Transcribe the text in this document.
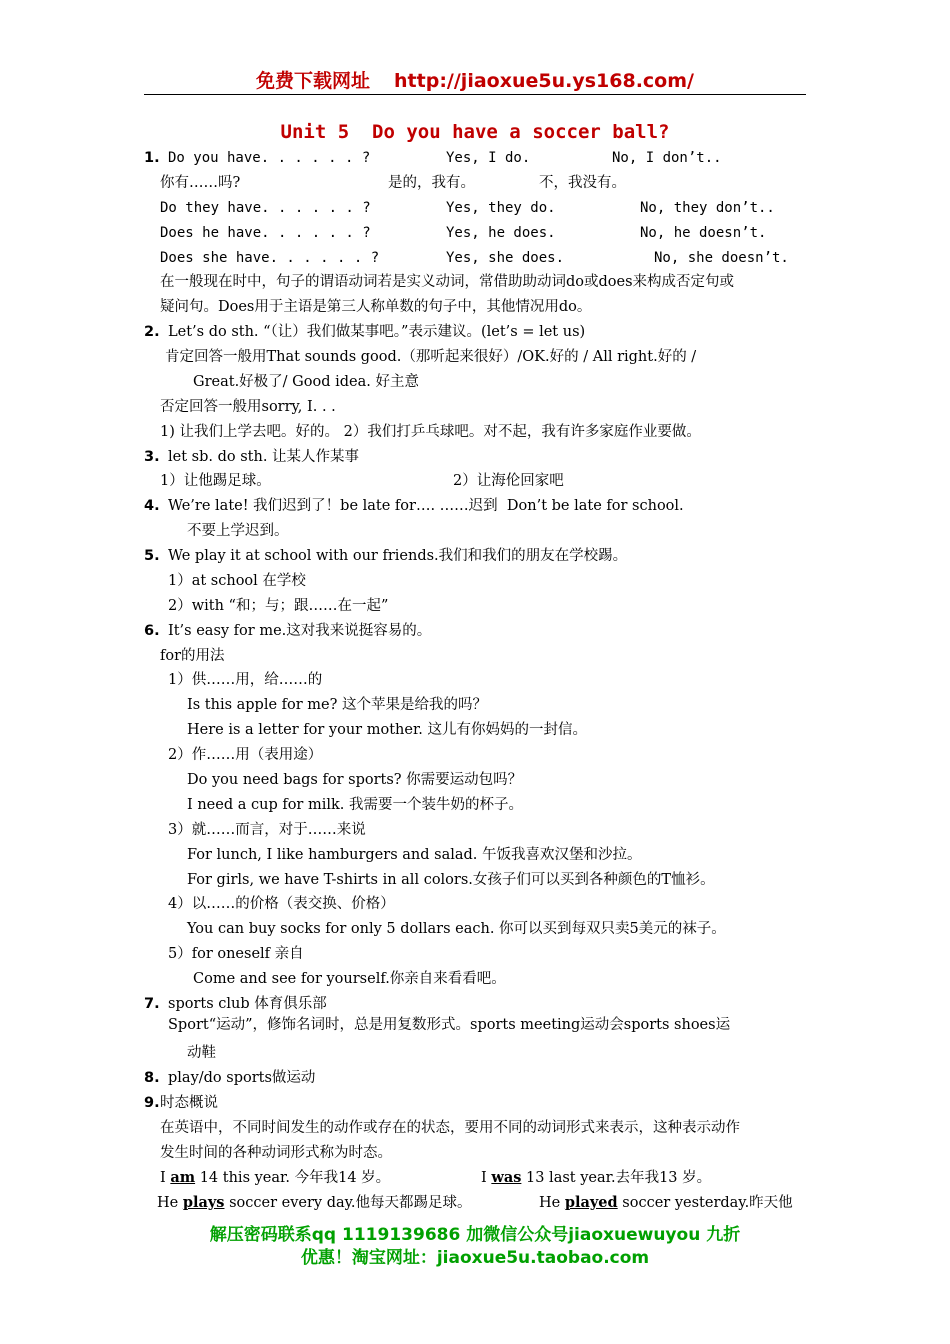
免费下载网址 http://jiaoxue5u.ys168.com/
Unit 5  Do you have a soccer ball?
1. Do you have. . . . . . ?	Yes, I do.	No, I don’t..
你有……吗?	是的，我有。	不，我没有。
Do they have. . . . . . ?	Yes, they do.	No, they don’t..
Does he have. . . . . . ?	Yes, he does.	No, he doesn’t.
Does she have. . . . . . ?	Yes, she does.	No, she doesn’t.
在一般现在时中，句子的谓语动词若是实义动词，常借助助动词do或does来构成否定句或
疑问句。Does用于主语是第三人称单数的句子中，其他情况用do。
2. Let’s do sth. “（让）我们做某事吧。”表示建议。(let’s = let us)
肯定回答一般用That sounds good.（那听起来很好）/OK.好的 / All right.好的 /
Great.好极了/ Good idea. 好主意
否定回答一般用sorry, I. . .
1) 让我们上学去吧。好的。 2）我们打乒乓球吧。对不起，我有许多家庭作业要做。
3. let sb. do sth. 让某人作某事
1）让他踢足球。	2）让海伦回家吧
4. We’re late! 我们迟到了！be late for…. ……迟到  Don’t be late for school.
不要上学迟到。
5. We play it at school with our friends.我们和我们的朋友在学校踢。
1）at school 在学校
2）with “和；与；跟……在一起”
6. It’s easy for me.这对我来说挺容易的。
for的用法
1）供……用，给……的
Is this apple for me? 这个苹果是给我的吗？
Here is a letter for your mother. 这儿有你妈妈的一封信。
2）作……用（表用途）
Do you need bags for sports? 你需要运动包吗？
I need a cup for milk. 我需要一个装牛奶的杯子。
3）就……而言，对于……来说
For lunch, I like hamburgers and salad. 午饭我喜欢汉堡和沙拉。
For girls, we have T-shirts in all colors.女孩子们可以买到各种颜色的T恤衫。
4）以……的价格（表交换、价格）
You can buy socks for only 5 dollars each. 你可以买到每双只卖5美元的袜子。
5）for oneself 亲自
Come and see for yourself.你亲自来看看吧。
7. sports club 体育俱乐部
Sport“运动”，修饰名词时，总是用复数形式。sports meeting运动会sports shoes运
动鞋
8. play/do sports做运动
9. 时态概说
在英语中，不同时间发生的动作或存在的状态，要用不同的动词形式来表示，这种表示动作
发生时间的各种动词形式称为时态。
I am 14 this year. 今年我14 岁。	I was 13 last year.去年我13 岁。
He plays soccer every day.他每天都踢足球。	He played soccer yesterday.昨天他
解压密码联系qq 1119139686 加微信公众号jiaoxuewuyou 九折
优惠！淘宝网址：jiaoxue5u.taobao.com
